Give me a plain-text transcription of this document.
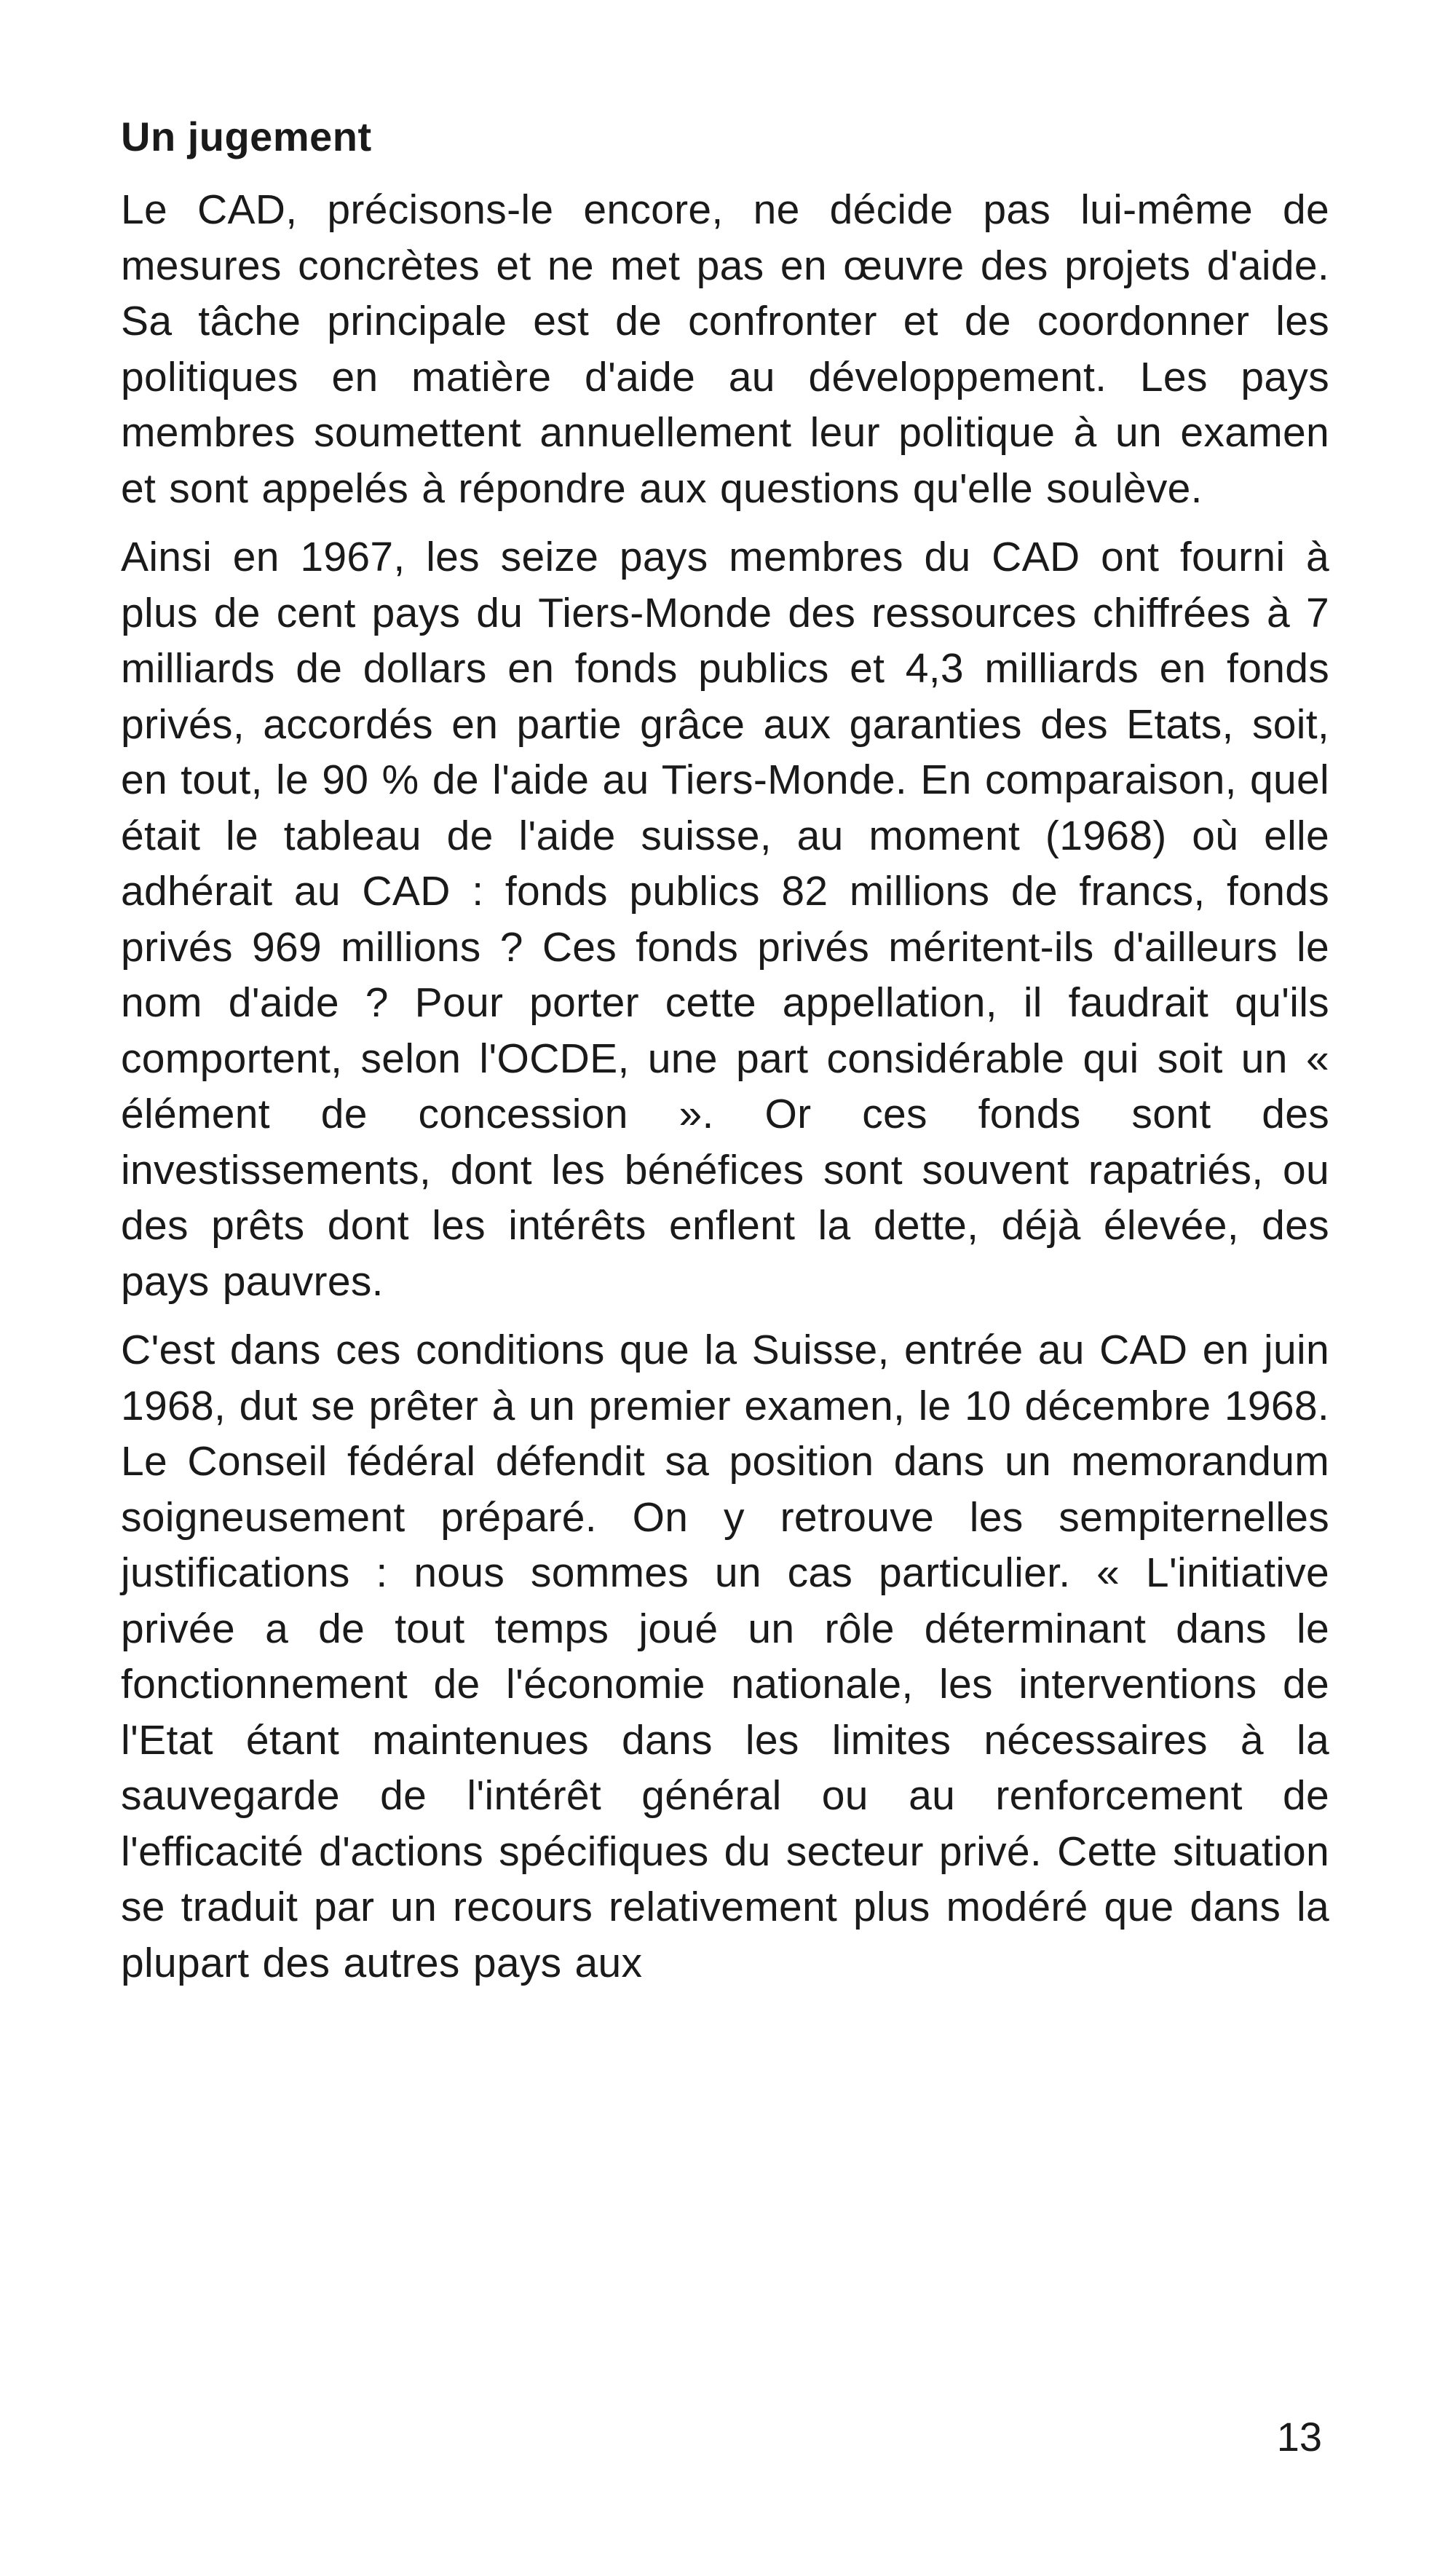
Un jugement

Le CAD, précisons-le encore, ne décide pas lui-même de mesures concrètes et ne met pas en œuvre des projets d'aide. Sa tâche principale est de confronter et de coordonner les politiques en matière d'aide au développement. Les pays membres soumettent annuellement leur politique à un examen et sont appelés à répondre aux questions qu'elle soulève.

Ainsi en 1967, les seize pays membres du CAD ont fourni à plus de cent pays du Tiers-Monde des ressources chiffrées à 7 milliards de dollars en fonds publics et 4,3 milliards en fonds privés, accordés en partie grâce aux garanties des Etats, soit, en tout, le 90 % de l'aide au Tiers-Monde. En comparaison, quel était le tableau de l'aide suisse, au moment (1968) où elle adhérait au CAD : fonds publics 82 millions de francs, fonds privés 969 millions ? Ces fonds privés méritent-ils d'ailleurs le nom d'aide ? Pour porter cette appellation, il faudrait qu'ils comportent, selon l'OCDE, une part considérable qui soit un « élément de concession ». Or ces fonds sont des investissements, dont les bénéfices sont souvent rapatriés, ou des prêts dont les intérêts enflent la dette, déjà élevée, des pays pauvres.

C'est dans ces conditions que la Suisse, entrée au CAD en juin 1968, dut se prêter à un premier examen, le 10 décembre 1968. Le Conseil fédéral défendit sa position dans un memorandum soigneusement préparé. On y retrouve les sempiternelles justifications : nous sommes un cas particulier. « L'initiative privée a de tout temps joué un rôle déterminant dans le fonctionnement de l'économie nationale, les interventions de l'Etat étant maintenues dans les limites nécessaires à la sauvegarde de l'intérêt général ou au renforcement de l'efficacité d'actions spécifiques du secteur privé. Cette situation se traduit par un recours relativement plus modéré que dans la plupart des autres pays aux

13
